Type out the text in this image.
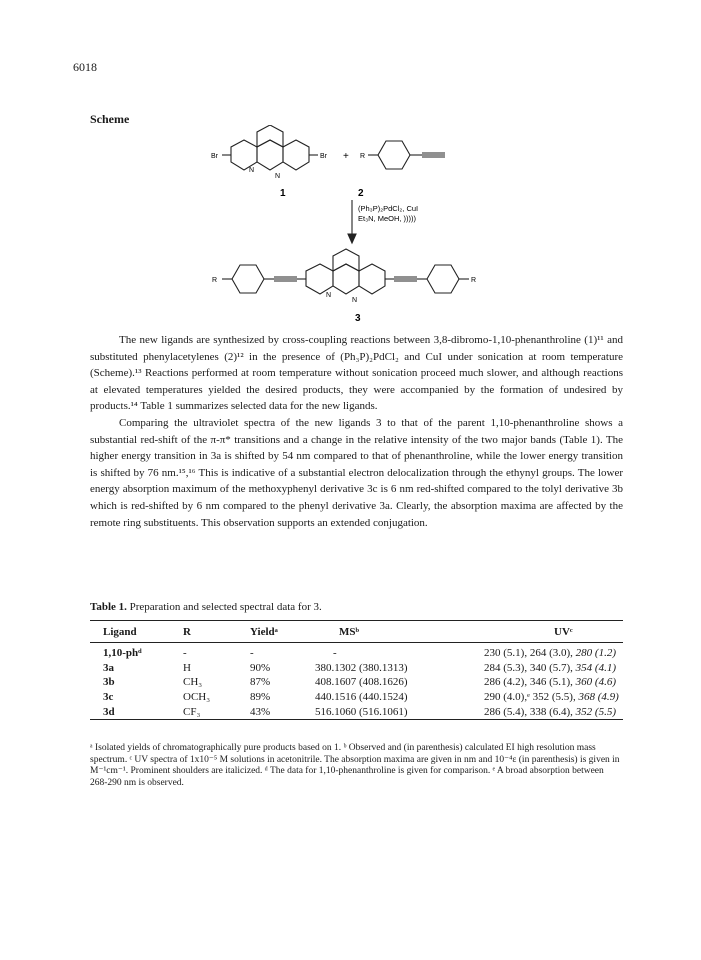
6018
Scheme
Br	Br
N
N
+ R
1	2
(Ph₃P)₂PdCl₂, CuI
Et₃N, MeOH, )))))
R	R
N
N
3

The new ligands are synthesized by cross-coupling reactions between 3,8-dibromo-1,10-phenanthroline (1)¹¹ and substituted phenylacetylenes (2)¹² in the presence of (Ph₃P)₂PdCl₂ and CuI under sonication at room temperature (Scheme).¹³ Reactions performed at room temperature without sonication proceed much slower, and although reactions at elevated temperatures yielded the desired products, they were accompanied by the formation of undesired by products.¹⁴ Table 1 summarizes selected data for the new ligands.

Comparing the ultraviolet spectra of the new ligands 3 to that of the parent 1,10-phenanthroline shows a substantial red-shift of the π-π* transitions and a change in the relative intensity of the two major bands (Table 1). The higher energy transition in 3a is shifted by 54 nm compared to that of phenanthroline, while the lower energy transition is shifted by 76 nm.¹⁵,¹⁶ This is indicative of a substantial electron delocalization through the ethynyl groups. The lower energy absorption maximum of the methoxyphenyl derivative 3c is 6 nm red-shifted compared to the tolyl derivative 3b which is red-shifted by 6 nm compared to the phenyl derivative 3a. Clearly, the absorption maxima are affected by the remote ring substituents. This observation supports an extended conjugation.

Table 1. Preparation and selected spectral data for 3.
Ligand	R	Yieldᵃ	MSᵇ	UVᶜ
1,10-phᵈ	-	-	-	230 (5.1), 264 (3.0), 280 (1.2)
3a	H	90%	380.1302 (380.1313)	284 (5.3), 340 (5.7), 354 (4.1)
3b	CH₃	87%	408.1607 (408.1626)	286 (4.2), 346 (5.1), 360 (4.6)
3c	OCH₃	89%	440.1516 (440.1524)	290 (4.0),ᵉ 352 (5.5), 368 (4.9)
3d	CF₃	43%	516.1060 (516.1061)	286 (5.4), 338 (6.4), 352 (5.5)
ᵃ Isolated yields of chromatographically pure products based on 1. ᵇ Observed and (in parenthesis) calculated EI high resolution mass spectrum. ᶜ UV spectra of 1x10⁻⁵ M solutions in acetonitrile. The absorption maxima are given in nm and 10⁻⁴ε (in parenthesis) is given in M⁻¹cm⁻¹. Prominent shoulders are italicized. ᵈ The data for 1,10-phenanthroline is given for comparison. ᵉ A broad absorption between 268-290 nm is observed.
